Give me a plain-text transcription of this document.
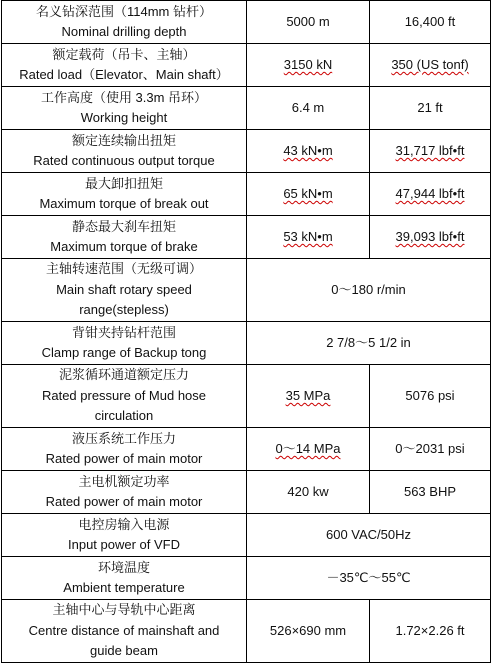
名义钻深范围（114mm 钻杆）
Nominal drilling depth	5000 m	16,400 ft

额定载荷（吊卡、主轴）
Rated load（Elevator、Main shaft）	3150 kN	350 (US tonf)

工作高度（使用 3.3m 吊环）
Working height	6.4 m	21 ft

额定连续输出扭矩
Rated continuous output torque	43 kN•m	31,717 lbf•ft

最大卸扣扭矩
Maximum torque of break out	65 kN•m	47,944 lbf•ft

静态最大刹车扭矩
Maximum torque of brake	53 kN•m	39,093 lbf•ft

主轴转速范围（无级可调）
Main shaft rotary speed
range(stepless)	0～180 r/min	

背钳夹持钻杆范围
Clamp range of Backup tong	2 7/8～5 1/2 in	

泥浆循环通道额定压力
Rated pressure of Mud hose
circulation	35 MPa	5076 psi

液压系统工作压力
Rated power of main motor	0～14 MPa	0～2031 psi

主电机额定功率
Rated power of main motor	420 kw	563 BHP

电控房输入电源
Input power of VFD	600 VAC/50Hz	

环境温度
Ambient temperature	－35℃～55℃	

主轴中心与导轨中心距离
Centre distance of mainshaft and
guide beam	526×690 mm	1.72×2.26 ft
